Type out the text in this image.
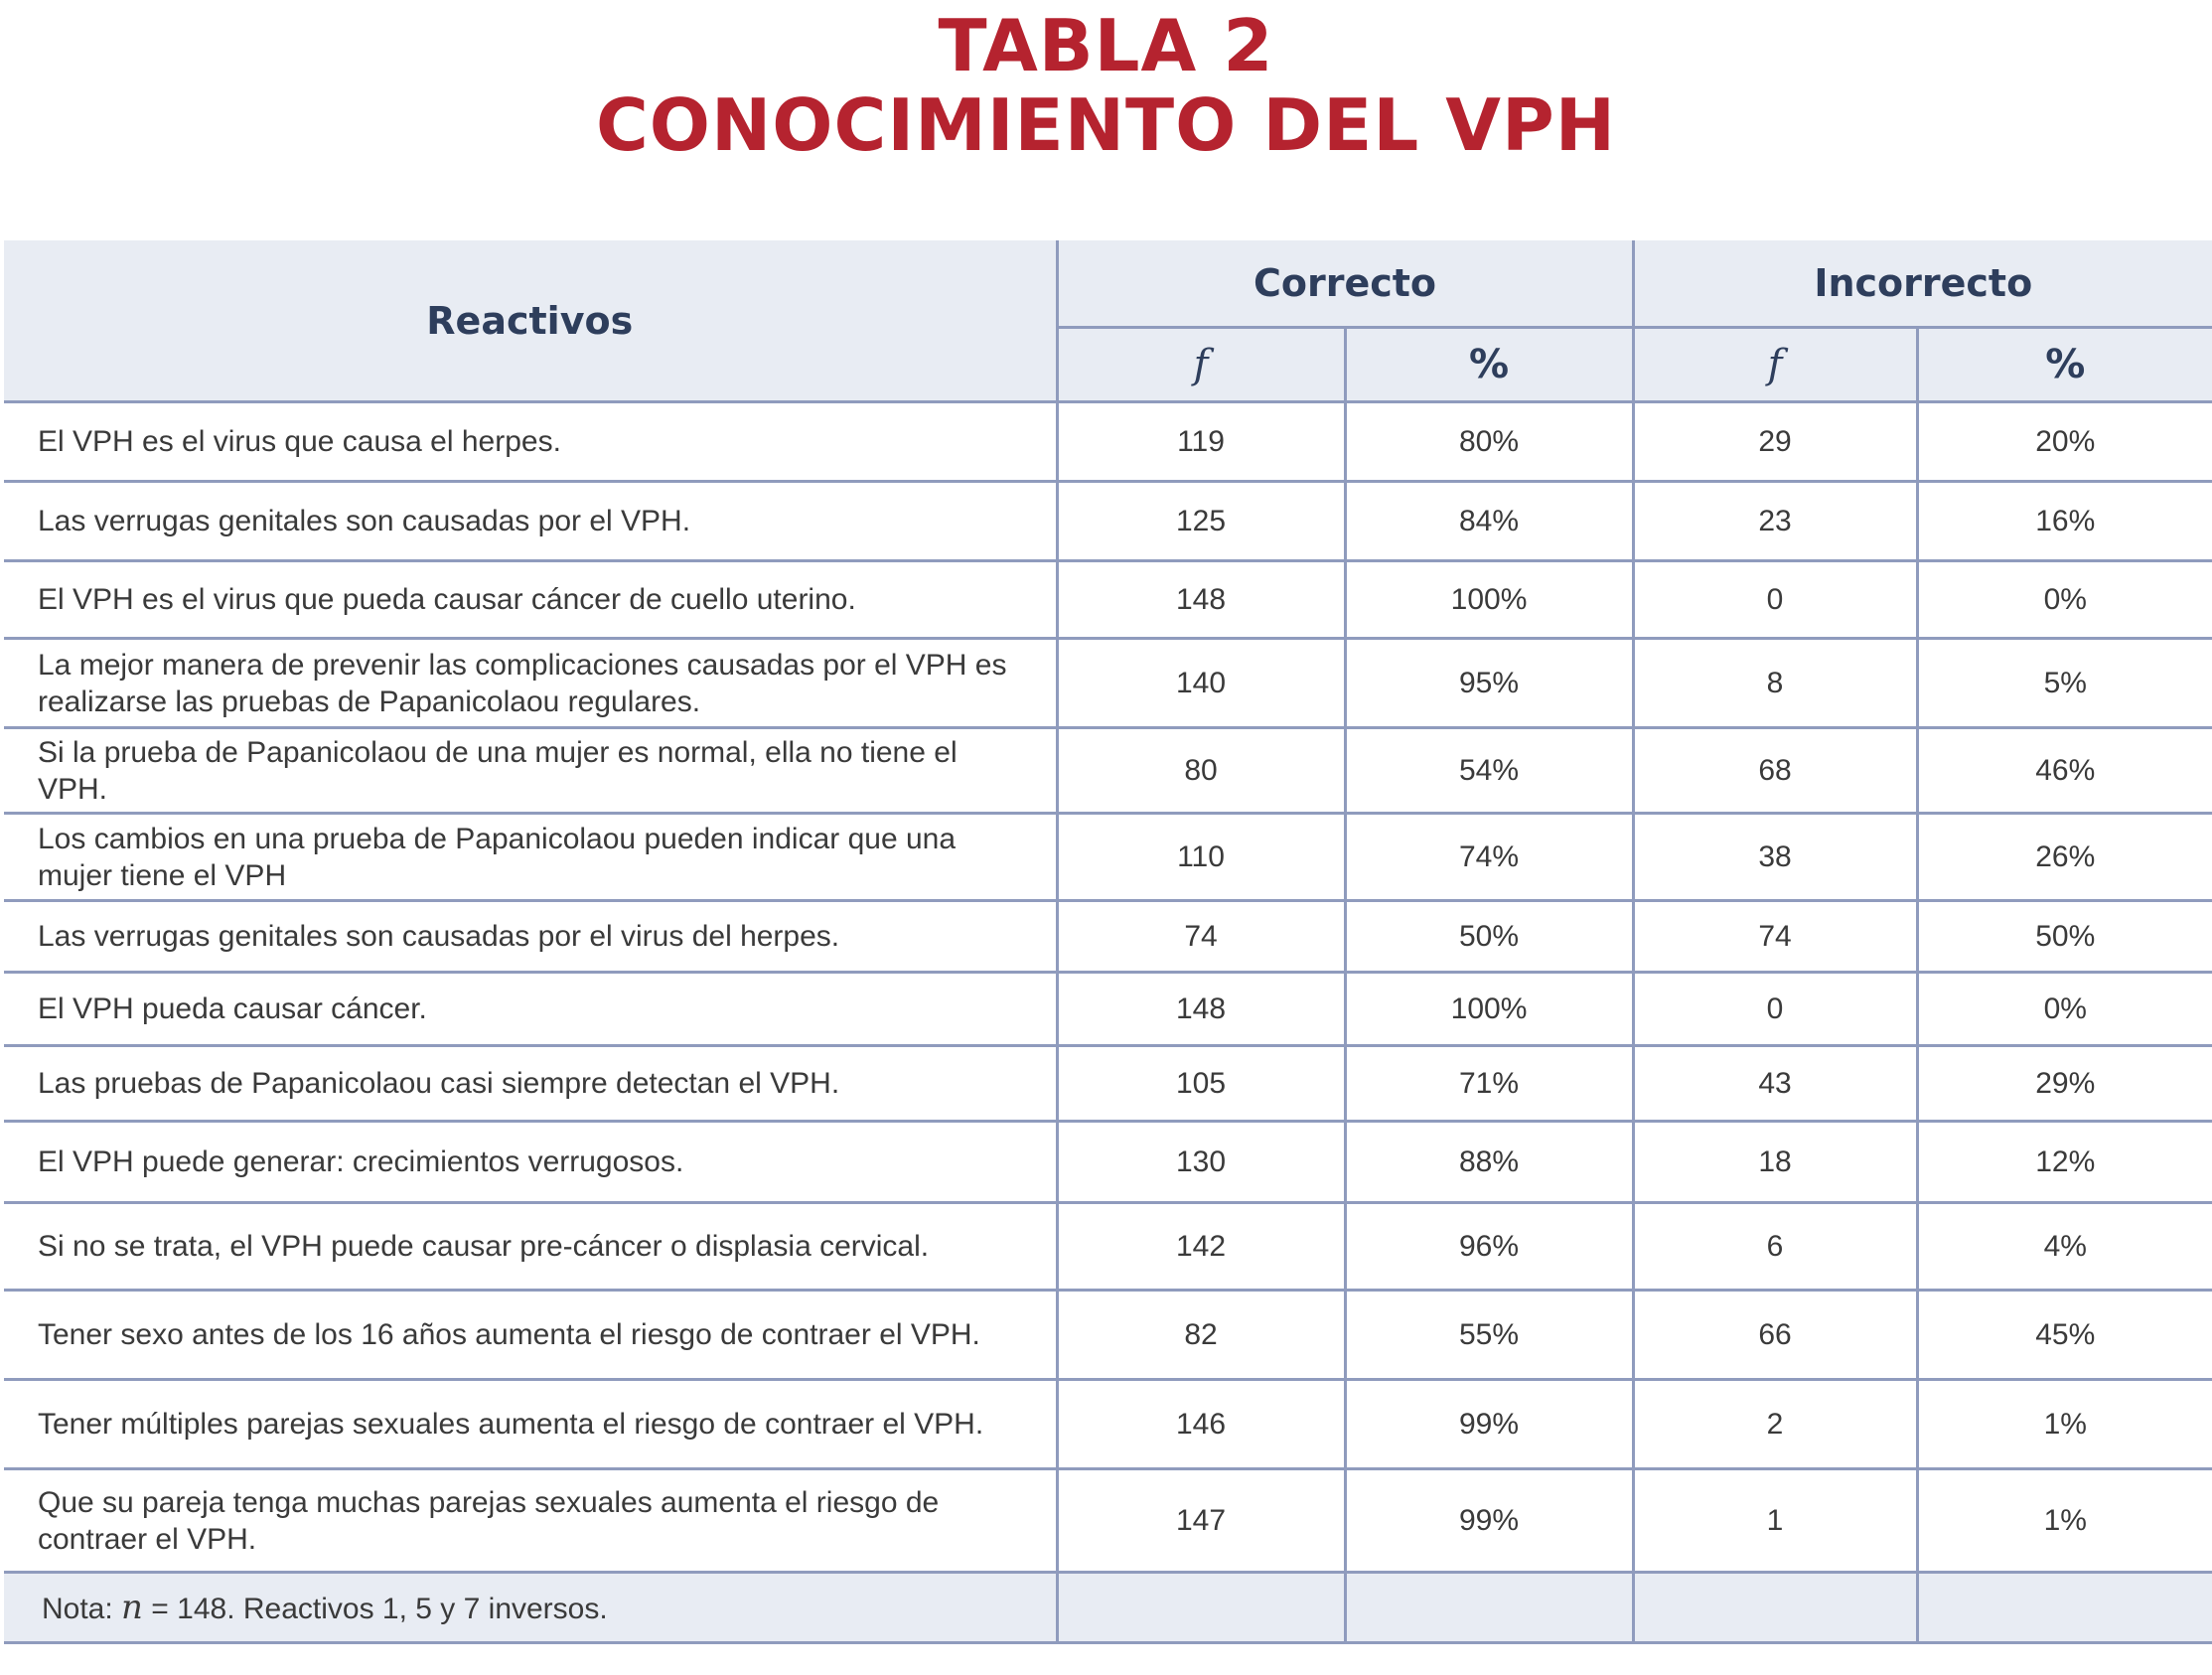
TABLA 2
CONOCIMIENTO DEL VPH
Reactivos	Correcto		Incorrecto	
	f	%	f	%
El VPH es el virus que causa el herpes.	119	80%	29	20%
Las verrugas genitales son causadas por el VPH.	125	84%	23	16%
El VPH es el virus que pueda causar cáncer de cuello uterino.	148	100%	0	0%
La mejor manera de prevenir las complicaciones causadas por el VPH es realizarse las pruebas de Papanicolaou regulares.	140	95%	8	5%
Si la prueba de Papanicolaou de una mujer es normal, ella no tiene el VPH.	80	54%	68	46%
Los cambios en una prueba de Papanicolaou pueden indicar que una mujer tiene el VPH	110	74%	38	26%
Las verrugas genitales son causadas por el virus del herpes.	74	50%	74	50%
El VPH pueda causar cáncer.	148	100%	0	0%
Las pruebas de Papanicolaou casi siempre detectan el VPH.	105	71%	43	29%
El VPH puede generar: crecimientos verrugosos.	130	88%	18	12%
Si no se trata, el VPH puede causar pre-cáncer o displasia cervical.	142	96%	6	4%
Tener sexo antes de los 16 años aumenta el riesgo de contraer el VPH.	82	55%	66	45%
Tener múltiples parejas sexuales aumenta el riesgo de contraer el VPH.	146	99%	2	1%
Que su pareja tenga muchas parejas sexuales aumenta el riesgo de contraer el VPH.	147	99%	1	1%
Nota: n = 148. Reactivos 1, 5 y 7 inversos.				
